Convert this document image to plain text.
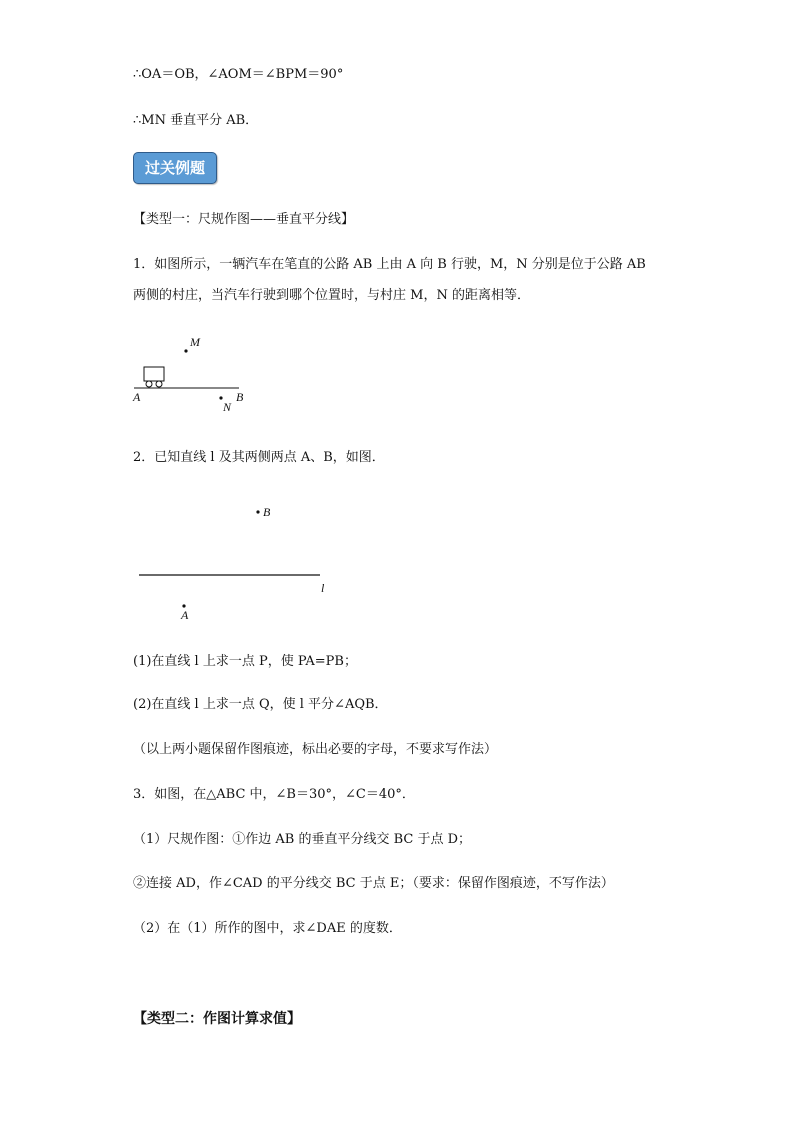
∴OA＝OB，∠AOM＝∠BPM＝90°
∴MN 垂直平分 AB．
过关例题
【类型一：尺规作图——垂直平分线】
1．如图所示，一辆汽车在笔直的公路 AB 上由 A 向 B 行驶，M，N 分别是位于公路 AB
两侧的村庄，当汽车行驶到哪个位置时，与村庄 M，N 的距离相等．
M
A
N
B
2．已知直线 l 及其两侧两点 A、B，如图．
B
l
A
(1)在直线 l 上求一点 P，使 PA=PB；
(2)在直线 l 上求一点 Q，使 l 平分∠AQB．
（以上两小题保留作图痕迹，标出必要的字母，不要求写作法）
3．如图，在△ABC 中，∠B＝30°，∠C＝40°．
（1）尺规作图：①作边 AB 的垂直平分线交 BC 于点 D；
②连接 AD，作∠CAD 的平分线交 BC 于点 E；（要求：保留作图痕迹，不写作法）
（2）在（1）所作的图中，求∠DAE 的度数．
【类型二：作图计算求值】
